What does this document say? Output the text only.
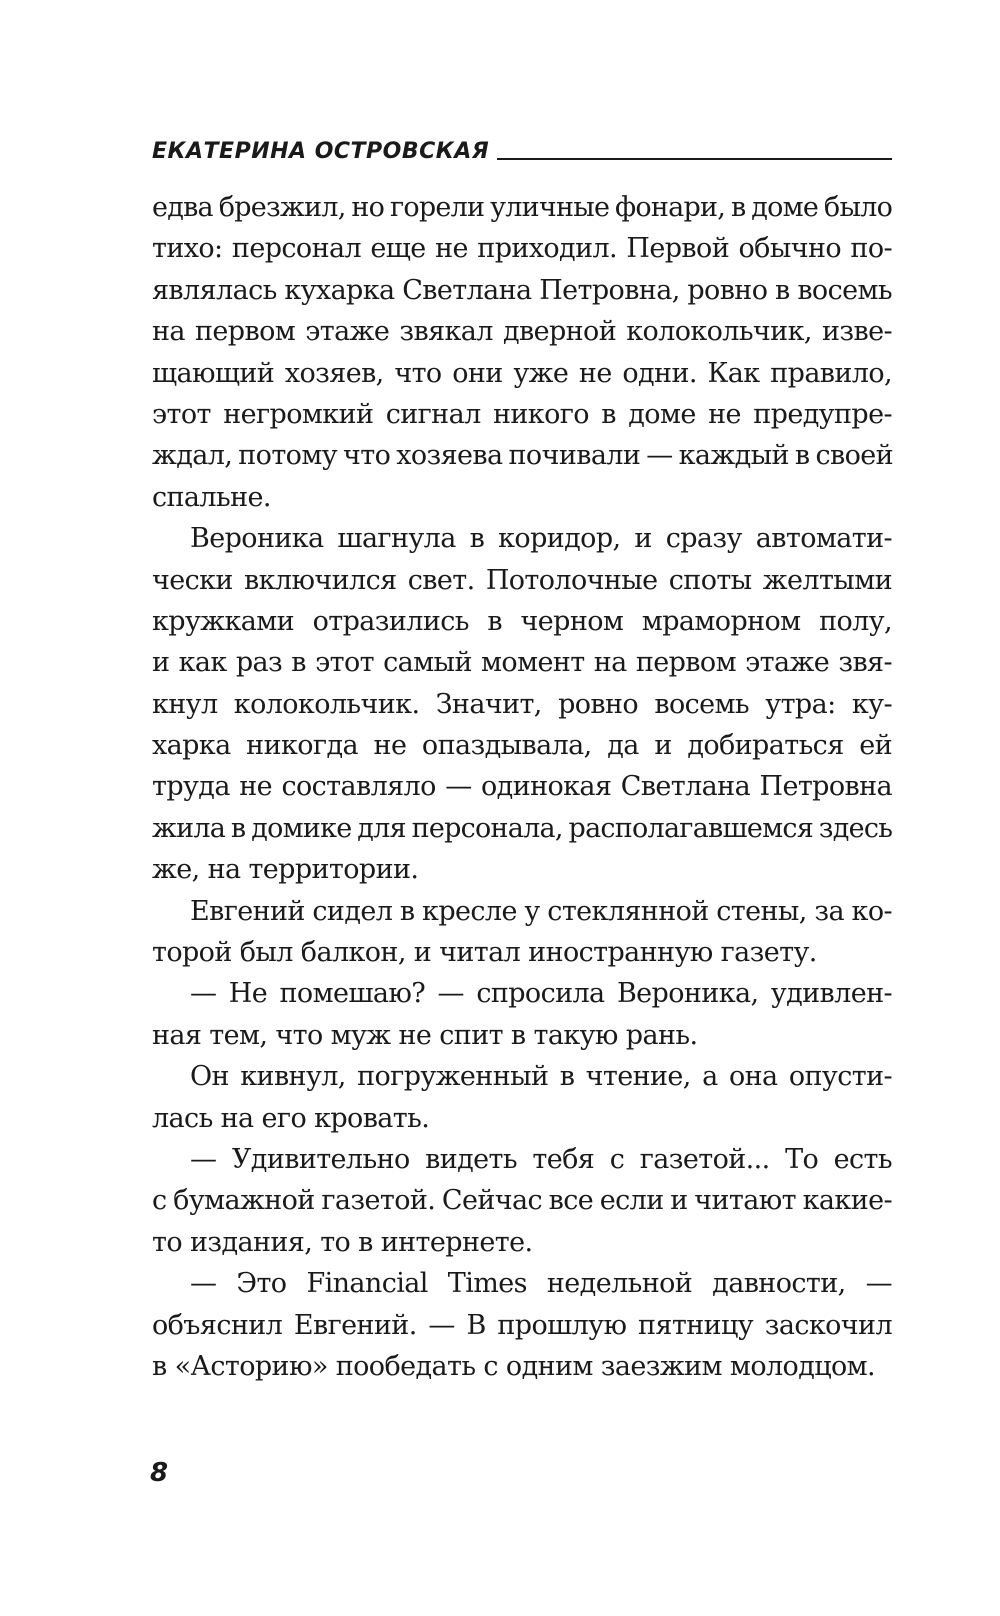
ЕКАТЕРИНА ОСТРОВСКАЯ
едва брезжил, но горели уличные фонари, в доме было
тихо: персонал еще не приходил. Первой обычно по-
являлась кухарка Светлана Петровна, ровно в восемь
на первом этаже звякал дверной колокольчик, изве-
щающий хозяев, что они уже не одни. Как правило,
этот негромкий сигнал никого в доме не предупре-
ждал, потому что хозяева почивали — каждый в своей
спальне.
Вероника шагнула в коридор, и сразу автомати-
чески включился свет. Потолочные споты желтыми
кружками отразились в черном мраморном полу,
и как раз в этот самый момент на первом этаже звя-
кнул колокольчик. Значит, ровно восемь утра: ку-
харка никогда не опаздывала, да и добираться ей
труда не составляло — одинокая Светлана Петровна
жила в домике для персонала, располагавшемся здесь
же, на территории.
Евгений сидел в кресле у стеклянной стены, за ко-
торой был балкон, и читал иностранную газету.
— Не помешаю? — спросила Вероника, удивлен-
ная тем, что муж не спит в такую рань.
Он кивнул, погруженный в чтение, а она опусти-
лась на его кровать.
— Удивительно видеть тебя с газетой... То есть
с бумажной газетой. Сейчас все если и читают какие-
то издания, то в интернете.
— Это Financial Times недельной давности, —
объяснил Евгений. — В прошлую пятницу заскочил
в «Асторию» пообедать с одним заезжим молодцом.
8
